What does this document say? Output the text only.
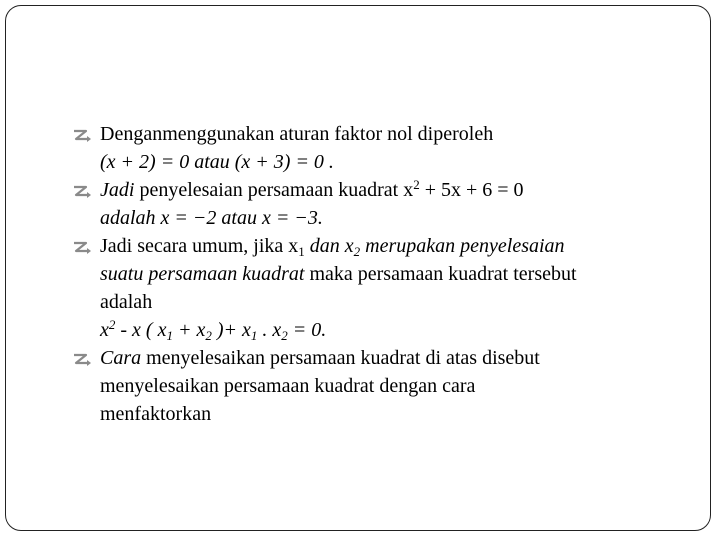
Denganmenggunakan aturan faktor nol diperoleh
(x + 2) = 0 atau (x + 3) = 0 .
Jadi penyelesaian persamaan kuadrat $x^2 + 5x + 6 = 0$
adalah x = −2 atau x = −3.
Jadi secara umum, jika $x_1$ dan $x_2$ merupakan penyelesaian
suatu persamaan kuadrat maka persamaan kuadrat tersebut
adalah
$x^2$ - x ( $x_1 + x_2$ )+ $x_1$ . $x_2 = 0$.
Cara menyelesaikan persamaan kuadrat di atas disebut
menyelesaikan persamaan kuadrat dengan cara
menfaktorkan
